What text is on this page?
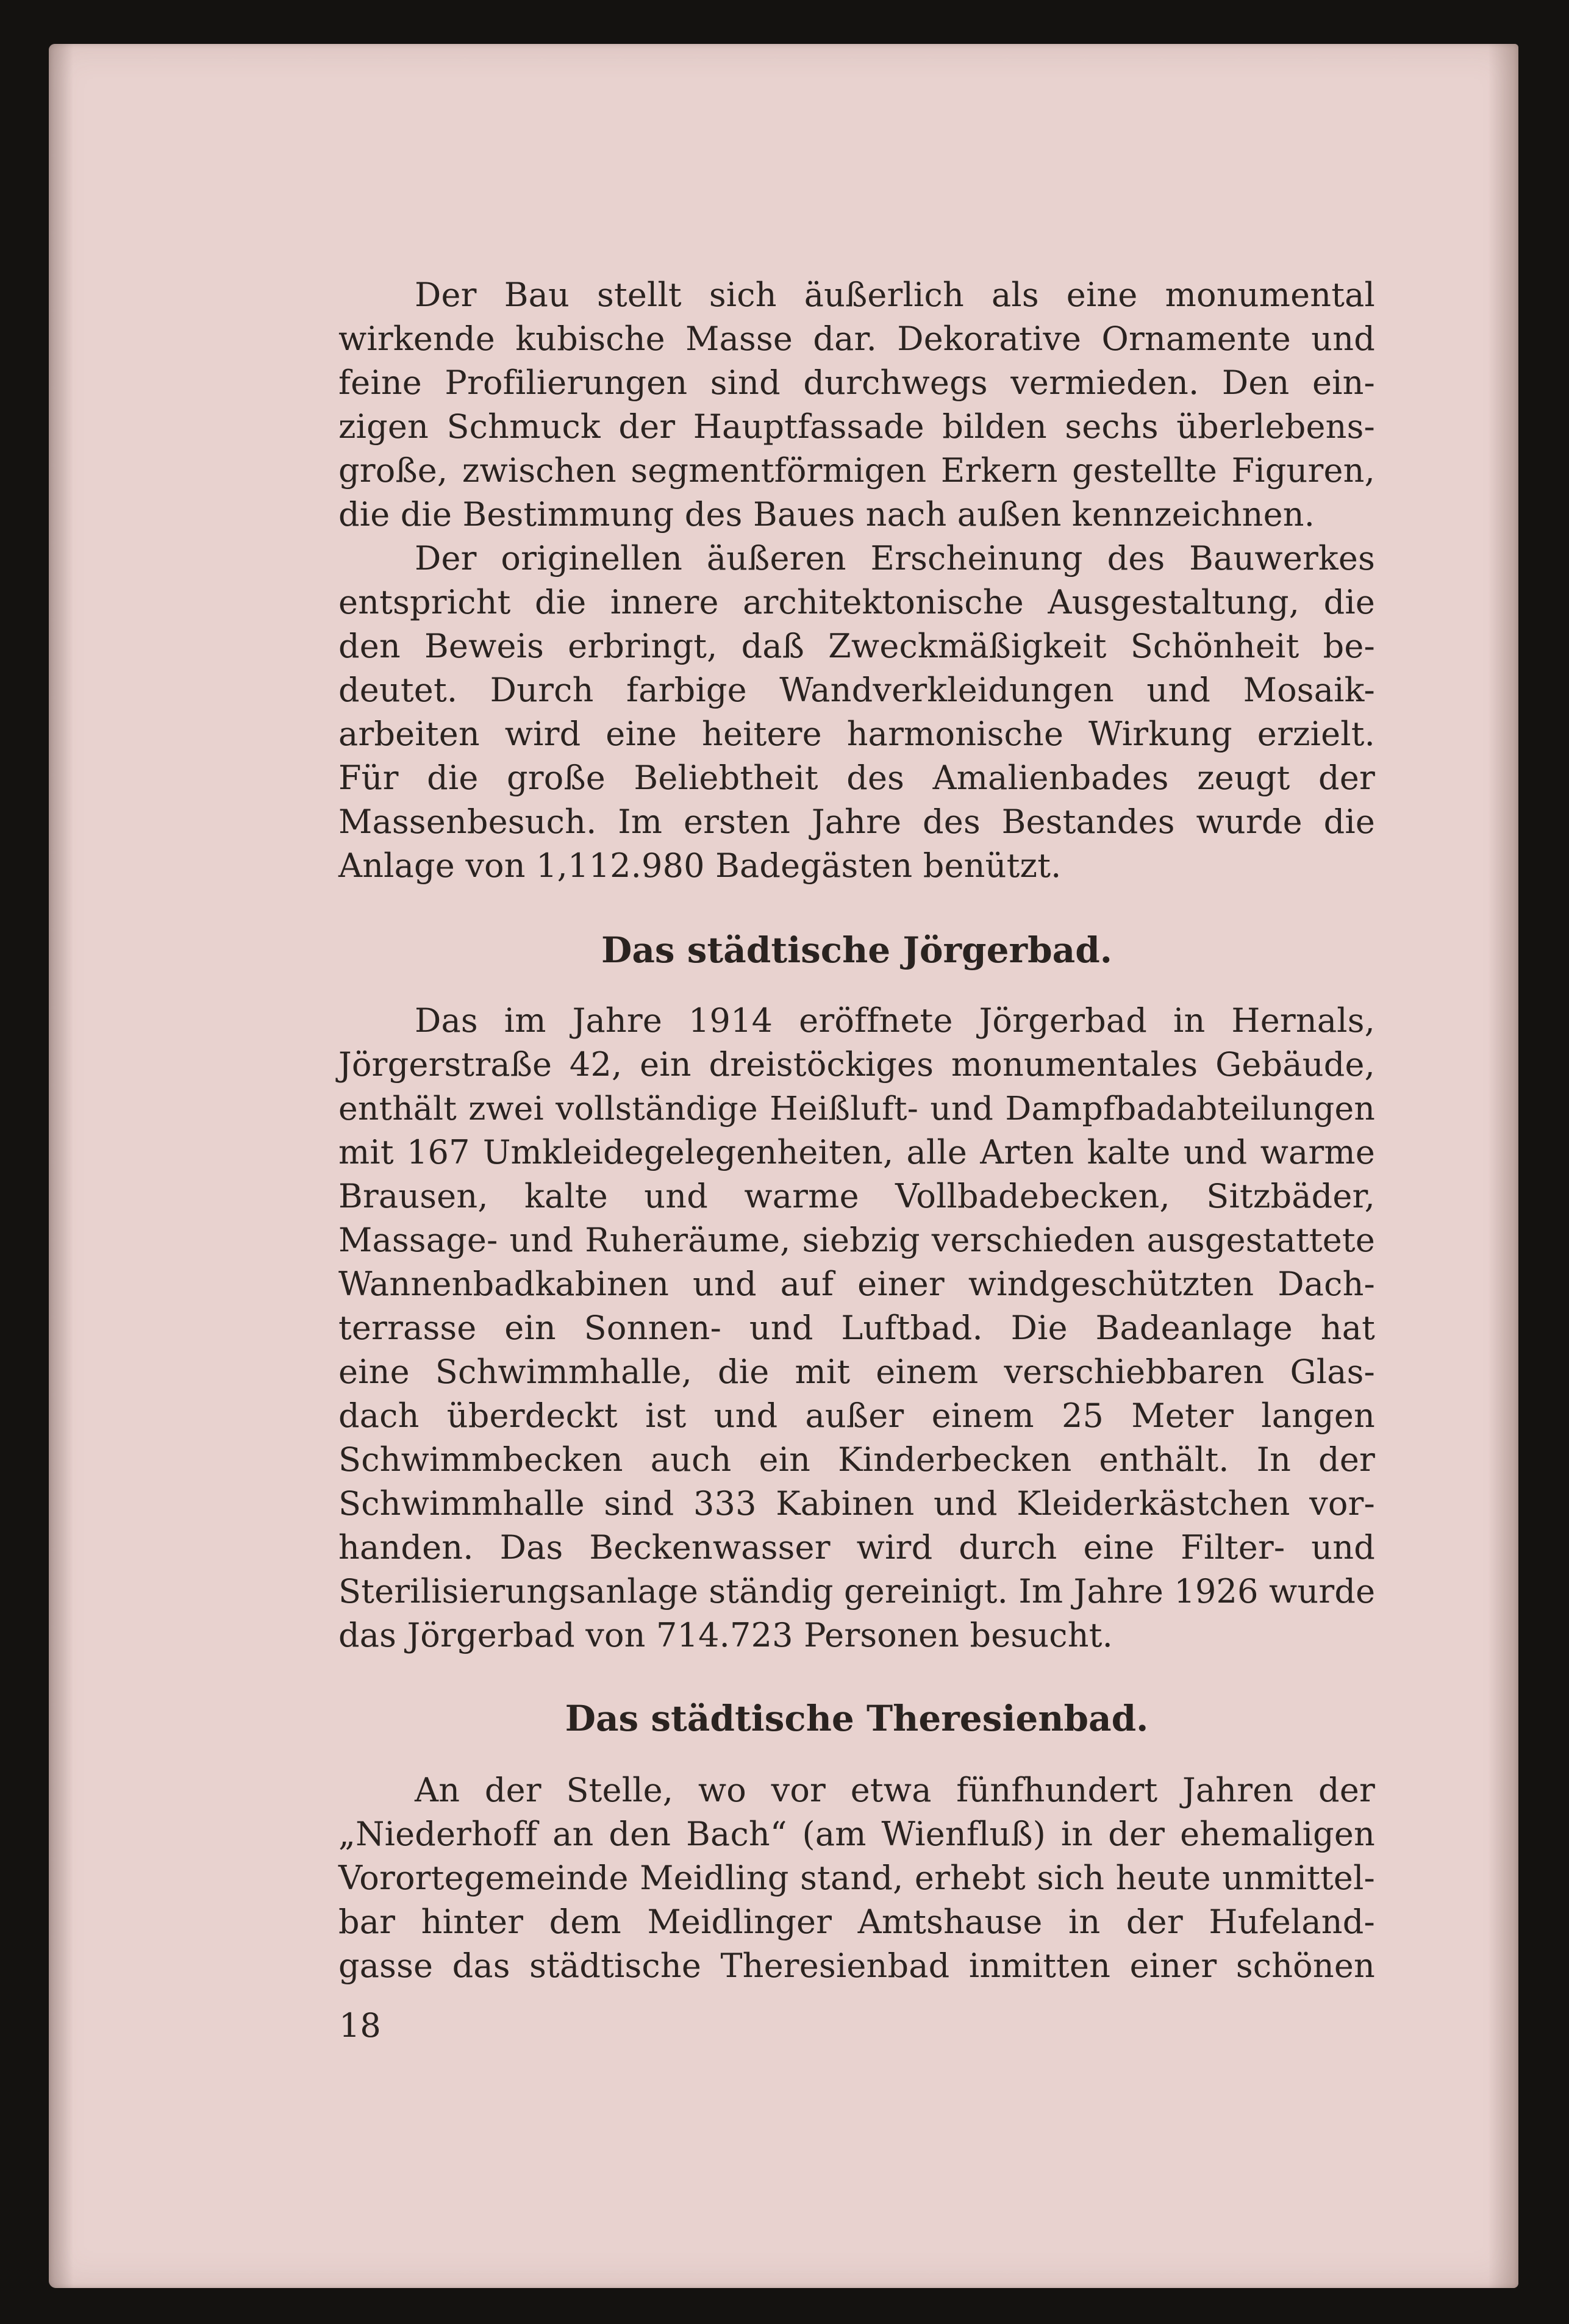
Der Bau stellt sich äußerlich als eine monumental
wirkende kubische Masse dar. Dekorative Ornamente und
feine Profilierungen sind durchwegs vermieden. Den ein-
zigen Schmuck der Hauptfassade bilden sechs überlebens-
große, zwischen segmentförmigen Erkern gestellte Figuren,
die die Bestimmung des Baues nach außen kennzeichnen.
Der originellen äußeren Erscheinung des Bauwerkes
entspricht die innere architektonische Ausgestaltung, die
den Beweis erbringt, daß Zweckmäßigkeit Schönheit be-
deutet. Durch farbige Wandverkleidungen und Mosaik-
arbeiten wird eine heitere harmonische Wirkung erzielt.
Für die große Beliebtheit des Amalienbades zeugt der
Massenbesuch. Im ersten Jahre des Bestandes wurde die
Anlage von 1,112.980 Badegästen benützt.
Das städtische Jörgerbad.
Das im Jahre 1914 eröffnete Jörgerbad in Hernals,
Jörgerstraße 42, ein dreistöckiges monumentales Gebäude,
enthält zwei vollständige Heißluft- und Dampfbadabteilungen
mit 167 Umkleidegelegenheiten, alle Arten kalte und warme
Brausen, kalte und warme Vollbadebecken, Sitzbäder,
Massage- und Ruheräume, siebzig verschieden ausgestattete
Wannenbadkabinen und auf einer windgeschützten Dach-
terrasse ein Sonnen- und Luftbad. Die Badeanlage hat
eine Schwimmhalle, die mit einem verschiebbaren Glas-
dach überdeckt ist und außer einem 25 Meter langen
Schwimmbecken auch ein Kinderbecken enthält. In der
Schwimmhalle sind 333 Kabinen und Kleiderkästchen vor-
handen. Das Beckenwasser wird durch eine Filter- und
Sterilisierungsanlage ständig gereinigt. Im Jahre 1926 wurde
das Jörgerbad von 714.723 Personen besucht.
Das städtische Theresienbad.
An der Stelle, wo vor etwa fünfhundert Jahren der
„Niederhoff an den Bach“ (am Wienfluß) in der ehemaligen
Vorortegemeinde Meidling stand, erhebt sich heute unmittel-
bar hinter dem Meidlinger Amtshause in der Hufeland-
gasse das städtische Theresienbad inmitten einer schönen
18
